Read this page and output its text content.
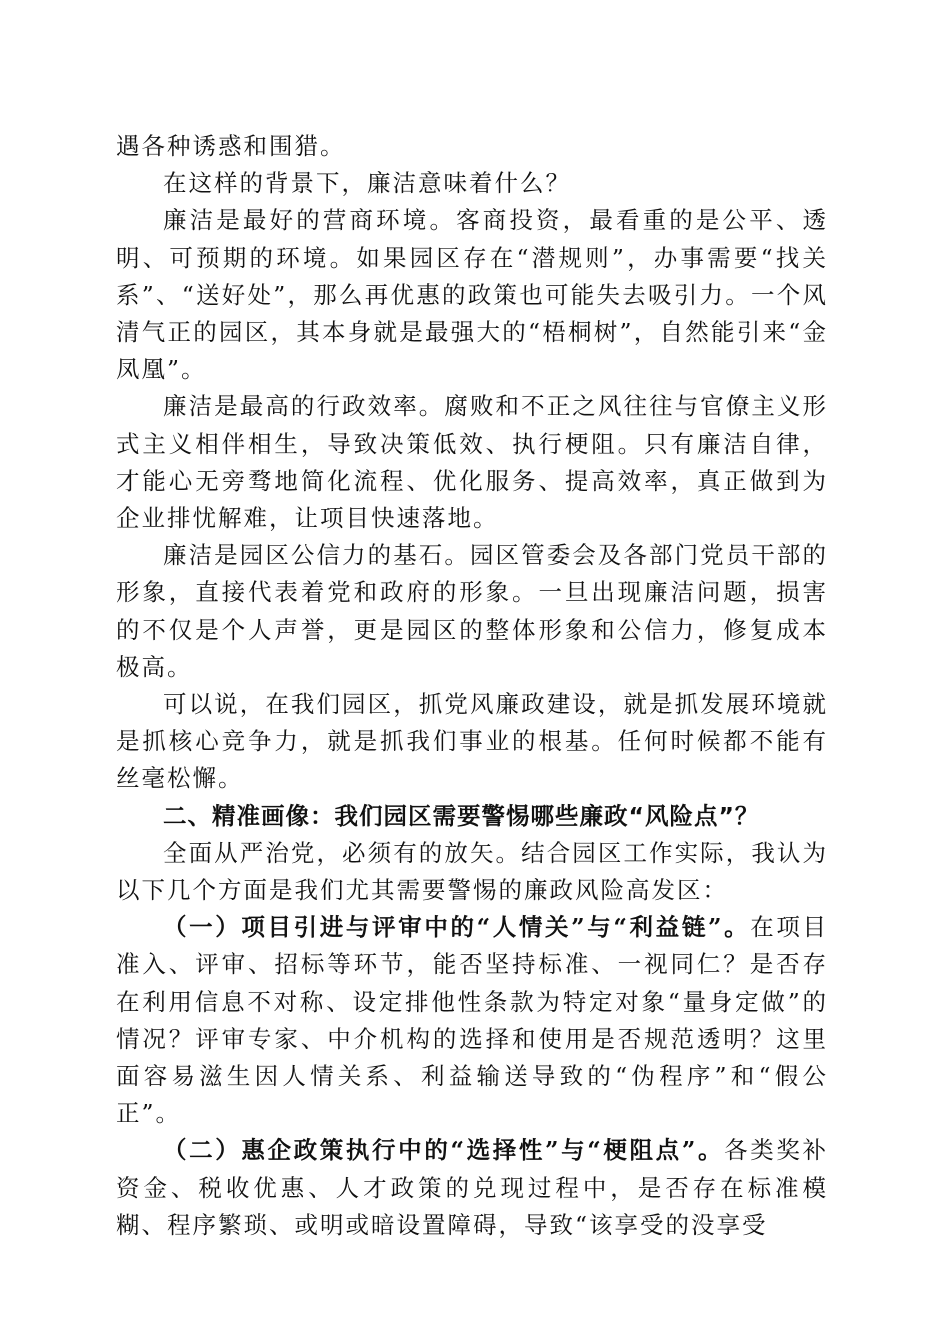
遇各种诱惑和围猎。

在这样的背景下，廉洁意味着什么？

廉洁是最好的营商环境。客商投资，最看重的是公平、透明、可预期的环境。如果园区存在“潜规则”，办事需要“找关系”、“送好处”，那么再优惠的政策也可能失去吸引力。一个风清气正的园区，其本身就是最强大的“梧桐树”，自然能引来“金凤凰”。

廉洁是最高的行政效率。腐败和不正之风往往与官僚主义形式主义相伴相生，导致决策低效、执行梗阻。只有廉洁自律，才能心无旁骛地简化流程、优化服务、提高效率，真正做到为企业排忧解难，让项目快速落地。

廉洁是园区公信力的基石。园区管委会及各部门党员干部的形象，直接代表着党和政府的形象。一旦出现廉洁问题，损害的不仅是个人声誉，更是园区的整体形象和公信力，修复成本极高。

可以说，在我们园区，抓党风廉政建设，就是抓发展环境就是抓核心竞争力，就是抓我们事业的根基。任何时候都不能有丝毫松懈。

二、精准画像：我们园区需要警惕哪些廉政“风险点”？

全面从严治党，必须有的放矢。结合园区工作实际，我认为以下几个方面是我们尤其需要警惕的廉政风险高发区：

（一）项目引进与评审中的“人情关”与“利益链”。在项目准入、评审、招标等环节，能否坚持标准、一视同仁？是否存在利用信息不对称、设定排他性条款为特定对象“量身定做”的情况？评审专家、中介机构的选择和使用是否规范透明？这里面容易滋生因人情关系、利益输送导致的“伪程序”和“假公正”。

（二）惠企政策执行中的“选择性”与“梗阻点”。各类奖补资金、税收优惠、人才政策的兑现过程中，是否存在标准模糊、程序繁琐、或明或暗设置障碍，导致“该享受的没享受
